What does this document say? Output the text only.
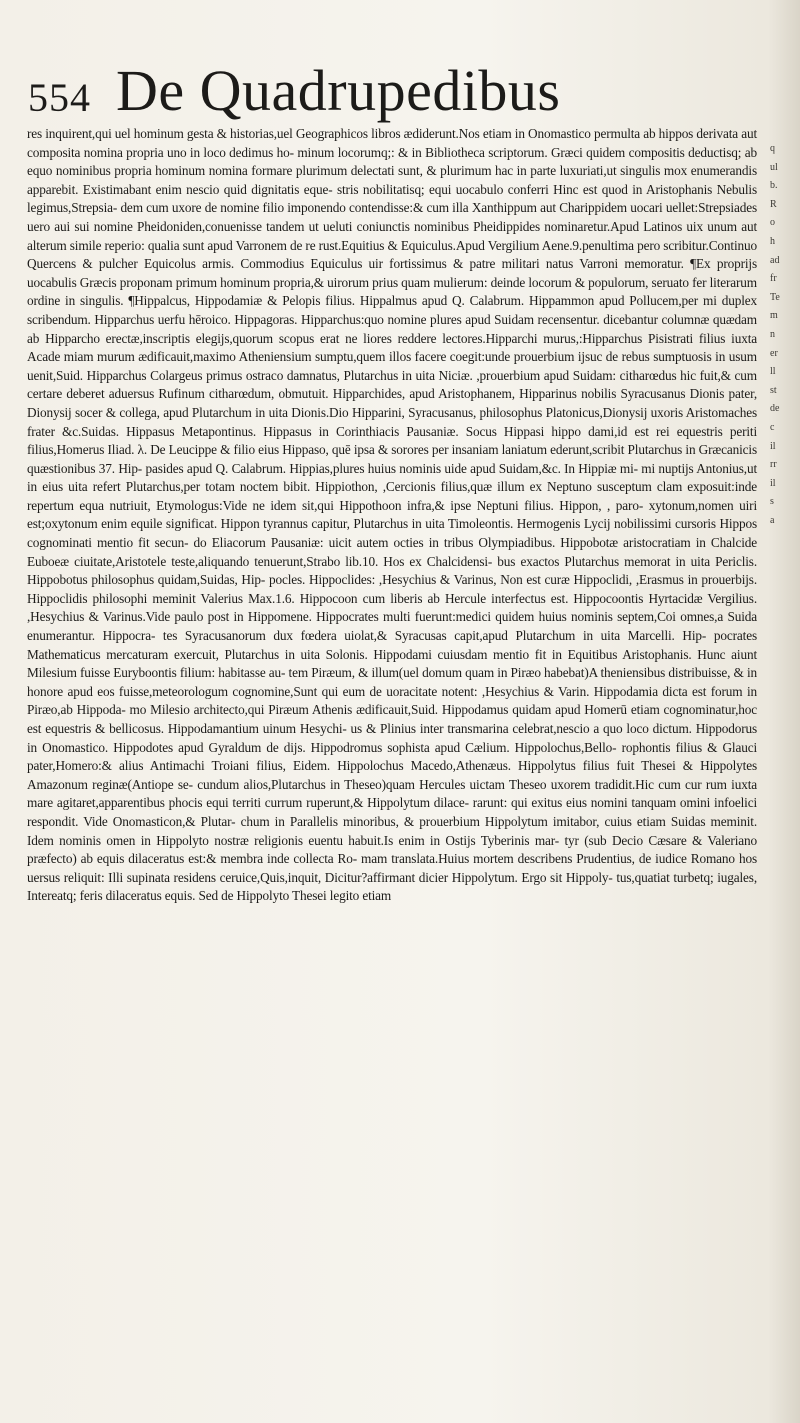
554 De Quadrupedibus
res inquirent,qui uel hominum gesta & historias,uel Geographicos libros ædiderunt.Nos etiam in Onomastico permulta ab hippos derivata aut composita nomina propria uno in loco dedimus ho- minum locorumq;: & in Bibliotheca scriptorum. Græci quidem compositis deductisq; ab equo nominibus propria hominum nomina formare plurimum delectati sunt, & plurimum hac in parte luxuriati,ut singulis mox enumerandis apparebit. Existimabant enim nescio quid dignitatis eque- stris nobilitatisq; equi uocabulo conferri Hinc est quod in Aristophanis Nebulis legimus,Strepsia- dem cum uxore de nomine filio imponendo contendisse:& cum illa Xanthippum aut Charippidem uocari uellet:Strepsiades uero aui sui nomine Pheidoniden,conuenisse tandem ut ueluti coniunctis nominibus Pheidippides nominaretur.Apud Latinos uix unum aut alterum simile reperio: qualia sunt apud Varronem de re rust.Equitius & Equiculus.Apud Vergilium Aene.9.penultima pero scribitur.Continuo Quercens & pulcher Equicolus armis. Commodius Equiculus uir fortissimus & patre militari natus Varroni memoratur. ¶Ex proprijs uocabulis Græcis proponam primum hominum propria,& uirorum prius quam mulierum: deinde locorum & populorum, seruato fer literarum ordine in singulis. ¶Hippalcus, Hippodamiæ & Pelopis filius. Hippalmus apud Q. Calabrum. Hippammon apud Pollucem,per mi duplex scribendum. Hipparchus uerfu hēroico. Hippagoras. Hipparchus:quo nomine plures apud Suidam recensentur. dicebantur columnæ quædam ab Hipparcho erectæ,inscriptis elegijs,quorum scopus erat ne liores reddere lectores.Hipparchi murus,:Hipparchus Pisistrati filius iuxta Acade miam murum ædificauit,maximo Atheniensium sumptu,quem illos facere coegit:unde prouerbium ijsuc de rebus sumptuosis in usum uenit,Suid. Hipparchus Colargeus primus ostraco damnatus, Plutarchus in uita Niciæ. ,prouerbium apud Suidam: citharœdus hic fuit,& cum certare deberet aduersus Rufinum citharœdum, obmutuit. Hipparchides, apud Aristophanem, Hipparinus nobilis Syracusanus Dionis pater, Dionysij socer & collega, apud Plutarchum in uita Dionis.Dio Hipparini, Syracusanus, philosophus Platonicus,Dionysij uxoris Aristomaches frater &c.Suidas. Hippasus Metapontinus. Hippasus in Corinthiacis Pausaniæ. Socus Hippasi hippo dami,id est rei equestris periti filius,Homerus Iliad. λ. De Leucippe & filio eius Hippaso, quē ipsa & sorores per insaniam laniatum ederunt,scribit Plutarchus in Græcanicis quæstionibus 37. Hip- pasides apud Q. Calabrum. Hippias,plures huius nominis uide apud Suidam,&c. In Hippiæ mi- mi nuptijs Antonius,ut in eius uita refert Plutarchus,per totam noctem bibit. Hippiothon, ,Cercionis filius,quæ illum ex Neptuno susceptum clam exposuit:inde repertum equa nutriuit, Etymologus:Vide ne idem sit,qui Hippothoon infra,& ipse Neptuni filius. Hippon, , paro- xytonum,nomen uiri est;oxytonum enim equile significat. Hippon tyrannus capitur, Plutarchus in uita Timoleontis. Hermogenis Lycij nobilissimi cursoris Hippos cognominati mentio fit secun- do Eliacorum Pausaniæ: uicit autem octies in tribus Olympiadibus. Hippobotæ aristocratiam in Chalcide Euboeæ ciuitate,Aristotele teste,aliquando tenuerunt,Strabo lib.10. Hos ex Chalcidensi- bus exactos Plutarchus memorat in uita Periclis. Hippobotus philosophus quidam,Suidas, Hip- pocles. Hippoclides: ,Hesychius & Varinus, Non est curæ Hippoclidi, ,Erasmus in prouerbijs. Hippoclidis philosophi meminit Valerius Max.1.6. Hippocoon cum liberis ab Hercule interfectus est. Hippocoontis Hyrtacidæ Vergilius. ,Hesychius & Varinus.Vide paulo post in Hippomene. Hippocrates multi fuerunt:medici quidem huius nominis septem,Coi omnes,a Suida enumerantur. Hippocra- tes Syracusanorum dux fœdera uiolat,& Syracusas capit,apud Plutarchum in uita Marcelli. Hip- pocrates Mathematicus mercaturam exercuit, Plutarchus in uita Solonis. Hippodami cuiusdam mentio fit in Equitibus Aristophanis. Hunc aiunt Milesium fuisse Euryboontis filium: habitasse au- tem Piræum, & illum(uel domum quam in Piræo habebat)A theniensibus distribuisse, & in honore apud eos fuisse,meteorologum cognomine,Sunt qui eum de uoracitate notent: ,Hesychius & Varin. Hippodamia dicta est forum in Piræo,ab Hippoda- mo Milesio architecto,qui Piræum Athenis ædificauit,Suid. Hippodamus quidam apud Homerū etiam cognominatur,hoc est equestris & bellicosus. Hippodamantium uinum Hesychi- us & Plinius inter transmarina celebrat,nescio a quo loco dictum. Hippodorus in Onomastico. Hippodotes apud Gyraldum de dijs. Hippodromus sophista apud Cælium. Hippolochus,Bello- rophontis filius & Glauci pater,Homero:& alius Antimachi Troiani filius, Eidem. Hippolochus Macedo,Athenæus. Hippolytus filius fuit Thesei & Hippolytes Amazonum reginæ(Antiope se- cundum alios,Plutarchus in Theseo)quam Hercules uictam Theseo uxorem tradidit.Hic cum cur rum iuxta mare agitaret,apparentibus phocis equi territi currum ruperunt,& Hippolytum dilace- rarunt: qui exitus eius nomini tanquam omini infoelici respondit. Vide Onomasticon,& Plutar- chum in Parallelis minoribus, & prouerbium Hippolytum imitabor, cuius etiam Suidas meminit. Idem nominis omen in Hippolyto nostræ religionis euentu habuit.Is enim in Ostijs Tyberinis mar- tyr (sub Decio Cæsare & Valeriano præfecto) ab equis dilaceratus est:& membra inde collecta Ro- mam translata.Huius mortem describens Prudentius, de iudice Romano hos uersus reliquit: Illi supinata residens ceruice,Quis,inquit, Dicitur?affirmant dicier Hippolytum. Ergo sit Hippoly- tus,quatiat turbetq; iugales, Intereatq; feris dilaceratus equis. Sed de Hippolyto Thesei legito etiam
q
ul
b.
R
o
h
ad
fr
Te
m
n
er
ll
st
de
c
il
rr
il
s
a
